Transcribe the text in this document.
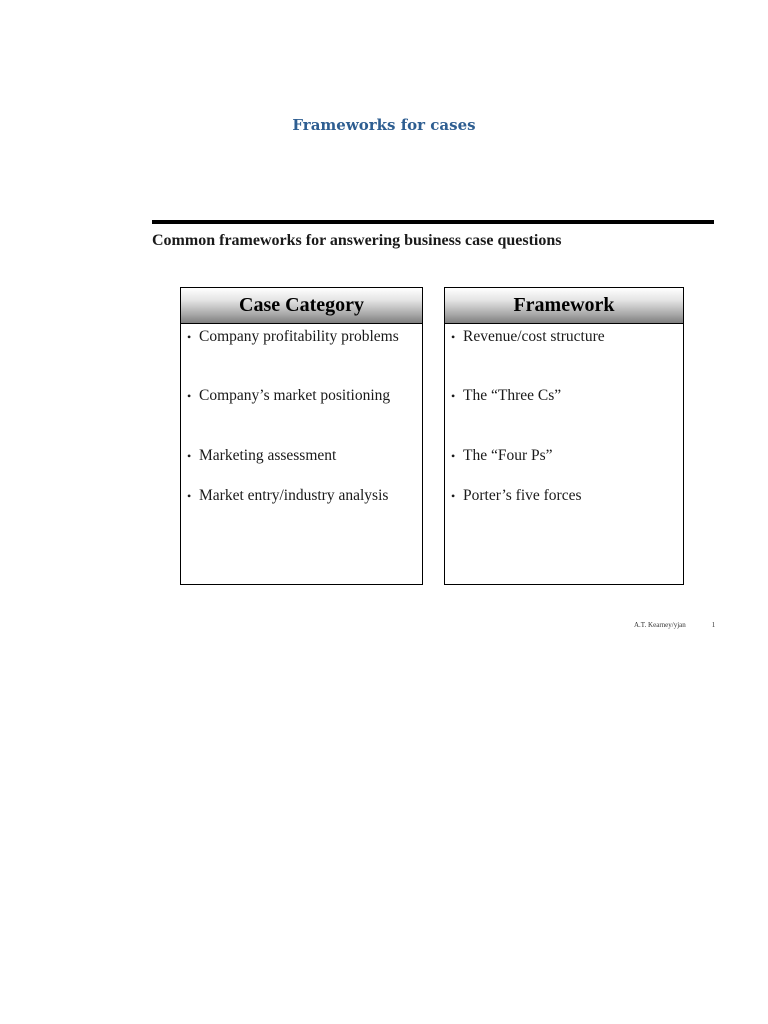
Frameworks for cases
Common frameworks for answering business case questions
Case Category
• Company profitability problems
• Company’s market positioning
• Marketing assessment
• Market entry/industry analysis
Framework
• Revenue/cost structure
• The “Three Cs”
• The “Four Ps”
• Porter’s five forces
A.T. Kearney/yjan	1
